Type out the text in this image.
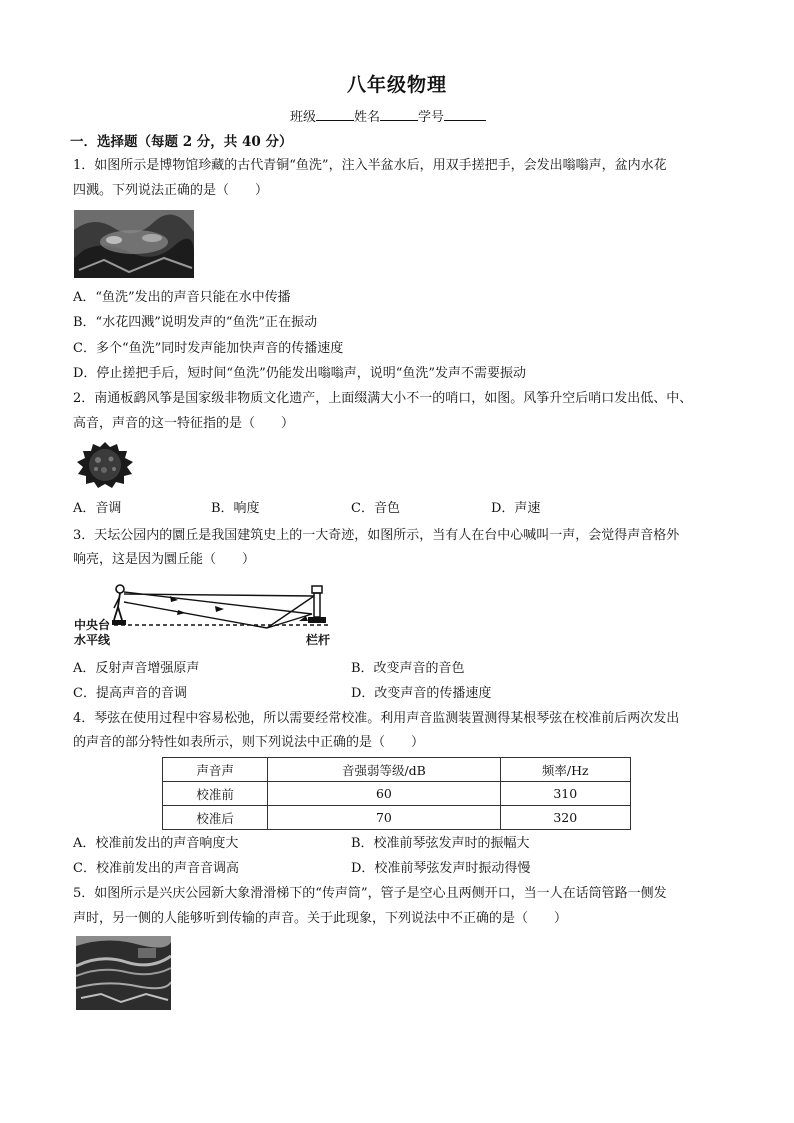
八年级物理
班级	姓名	学号
一．选择题（每题 2 分，共 40 分）
1．如图所示是博物馆珍藏的古代青铜“鱼洗”，注入半盆水后，用双手搓把手，会发出嗡嗡声，盆内水花
四溅。下列说法正确的是（　　）
A．“鱼洗”发出的声音只能在水中传播
B．“水花四溅”说明发声的“鱼洗”正在振动
C．多个“鱼洗”同时发声能加快声音的传播速度
D．停止搓把手后，短时间“鱼洗”仍能发出嗡嗡声，说明“鱼洗”发声不需要振动
2．南通板鹞风筝是国家级非物质文化遗产，上面缀满大小不一的哨口，如图。风筝升空后哨口发出低、中、
高音，声音的这一特征指的是（　　）
A．音调	B．响度	C．音色	D．声速
3．天坛公园内的圜丘是我国建筑史上的一大奇迹，如图所示，当有人在台中心喊叫一声，会觉得声音格外
响亮，这是因为圜丘能（　　）
中央台
水平线	栏杆
A．反射声音增强原声	B．改变声音的音色
C．提高声音的音调	D．改变声音的传播速度
4．琴弦在使用过程中容易松弛，所以需要经常校准。利用声音监测装置测得某根琴弦在校准前后两次发出
的声音的部分特性如表所示，则下列说法中正确的是（　　）
声音声	音强弱等级/dB	频率/Hz
校准前	60	310
校准后	70	320
A．校准前发出的声音响度大	B．校准前琴弦发声时的振幅大
C．校准前发出的声音音调高	D．校准前琴弦发声时振动得慢
5．如图所示是兴庆公园新大象滑滑梯下的“传声筒”，管子是空心且两侧开口，当一人在话筒管路一侧发
声时，另一侧的人能够听到传输的声音。关于此现象，下列说法中不正确的是（　　）
